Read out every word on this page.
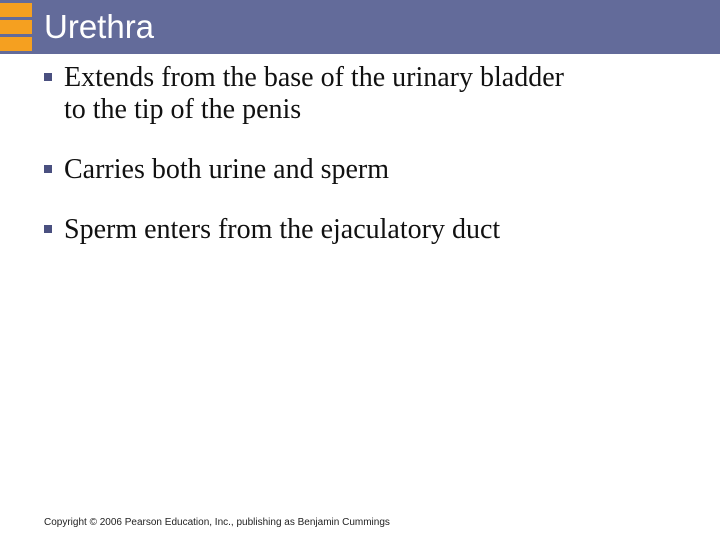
Urethra
Extends from the base of the urinary bladder
to the tip of the penis
Carries both urine and sperm
Sperm enters from the ejaculatory duct
Copyright © 2006 Pearson Education, Inc., publishing as Benjamin Cummings
